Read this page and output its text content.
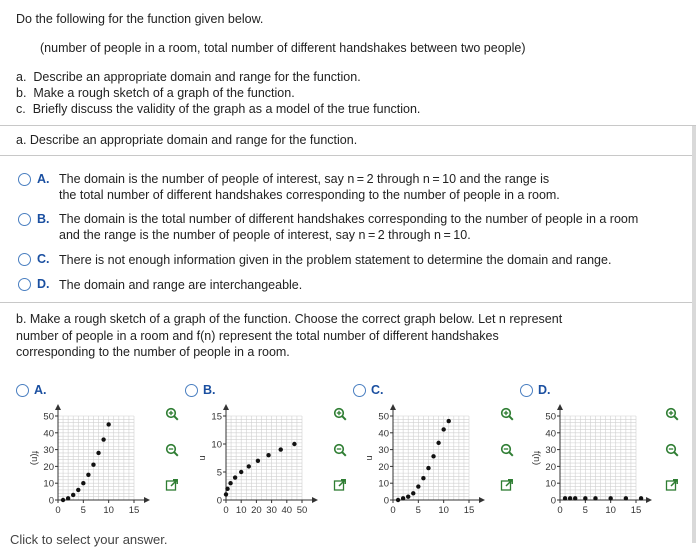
Do the following for the function given below.
(number of people in a room, total number of different handshakes between two people)
a. Describe an appropriate domain and range for the function.
b. Make a rough sketch of a graph of the function.
c. Briefly discuss the validity of the graph as a model of the true function.
a. Describe an appropriate domain and range for the function.
A. The domain is the number of people of interest, say n = 2 through n = 10 and the range is
the total number of different handshakes corresponding to the number of people in a room.
B. The domain is the total number of different handshakes corresponding to the number of people in a room
and the range is the number of people of interest, say n = 2 through n = 10.
C. There is not enough information given in the problem statement to determine the domain and range.
D. The domain and range are interchangeable.
b. Make a rough sketch of a graph of the function. Choose the correct graph below. Let n represent
number of people in a room and f(n) represent the total number of different handshakes
corresponding to the number of people in a room.
A.	B.	C.	D.
0
10
20
30
40
50
0 5 10 15
f(n)
0
5
10
15
0 10 20 30 40 50
n
0
10
20
30
40
50
0 5 10 15
n
0
10
20
30
40
50
0 5 10 15
f(n)
Click to select your answer.
